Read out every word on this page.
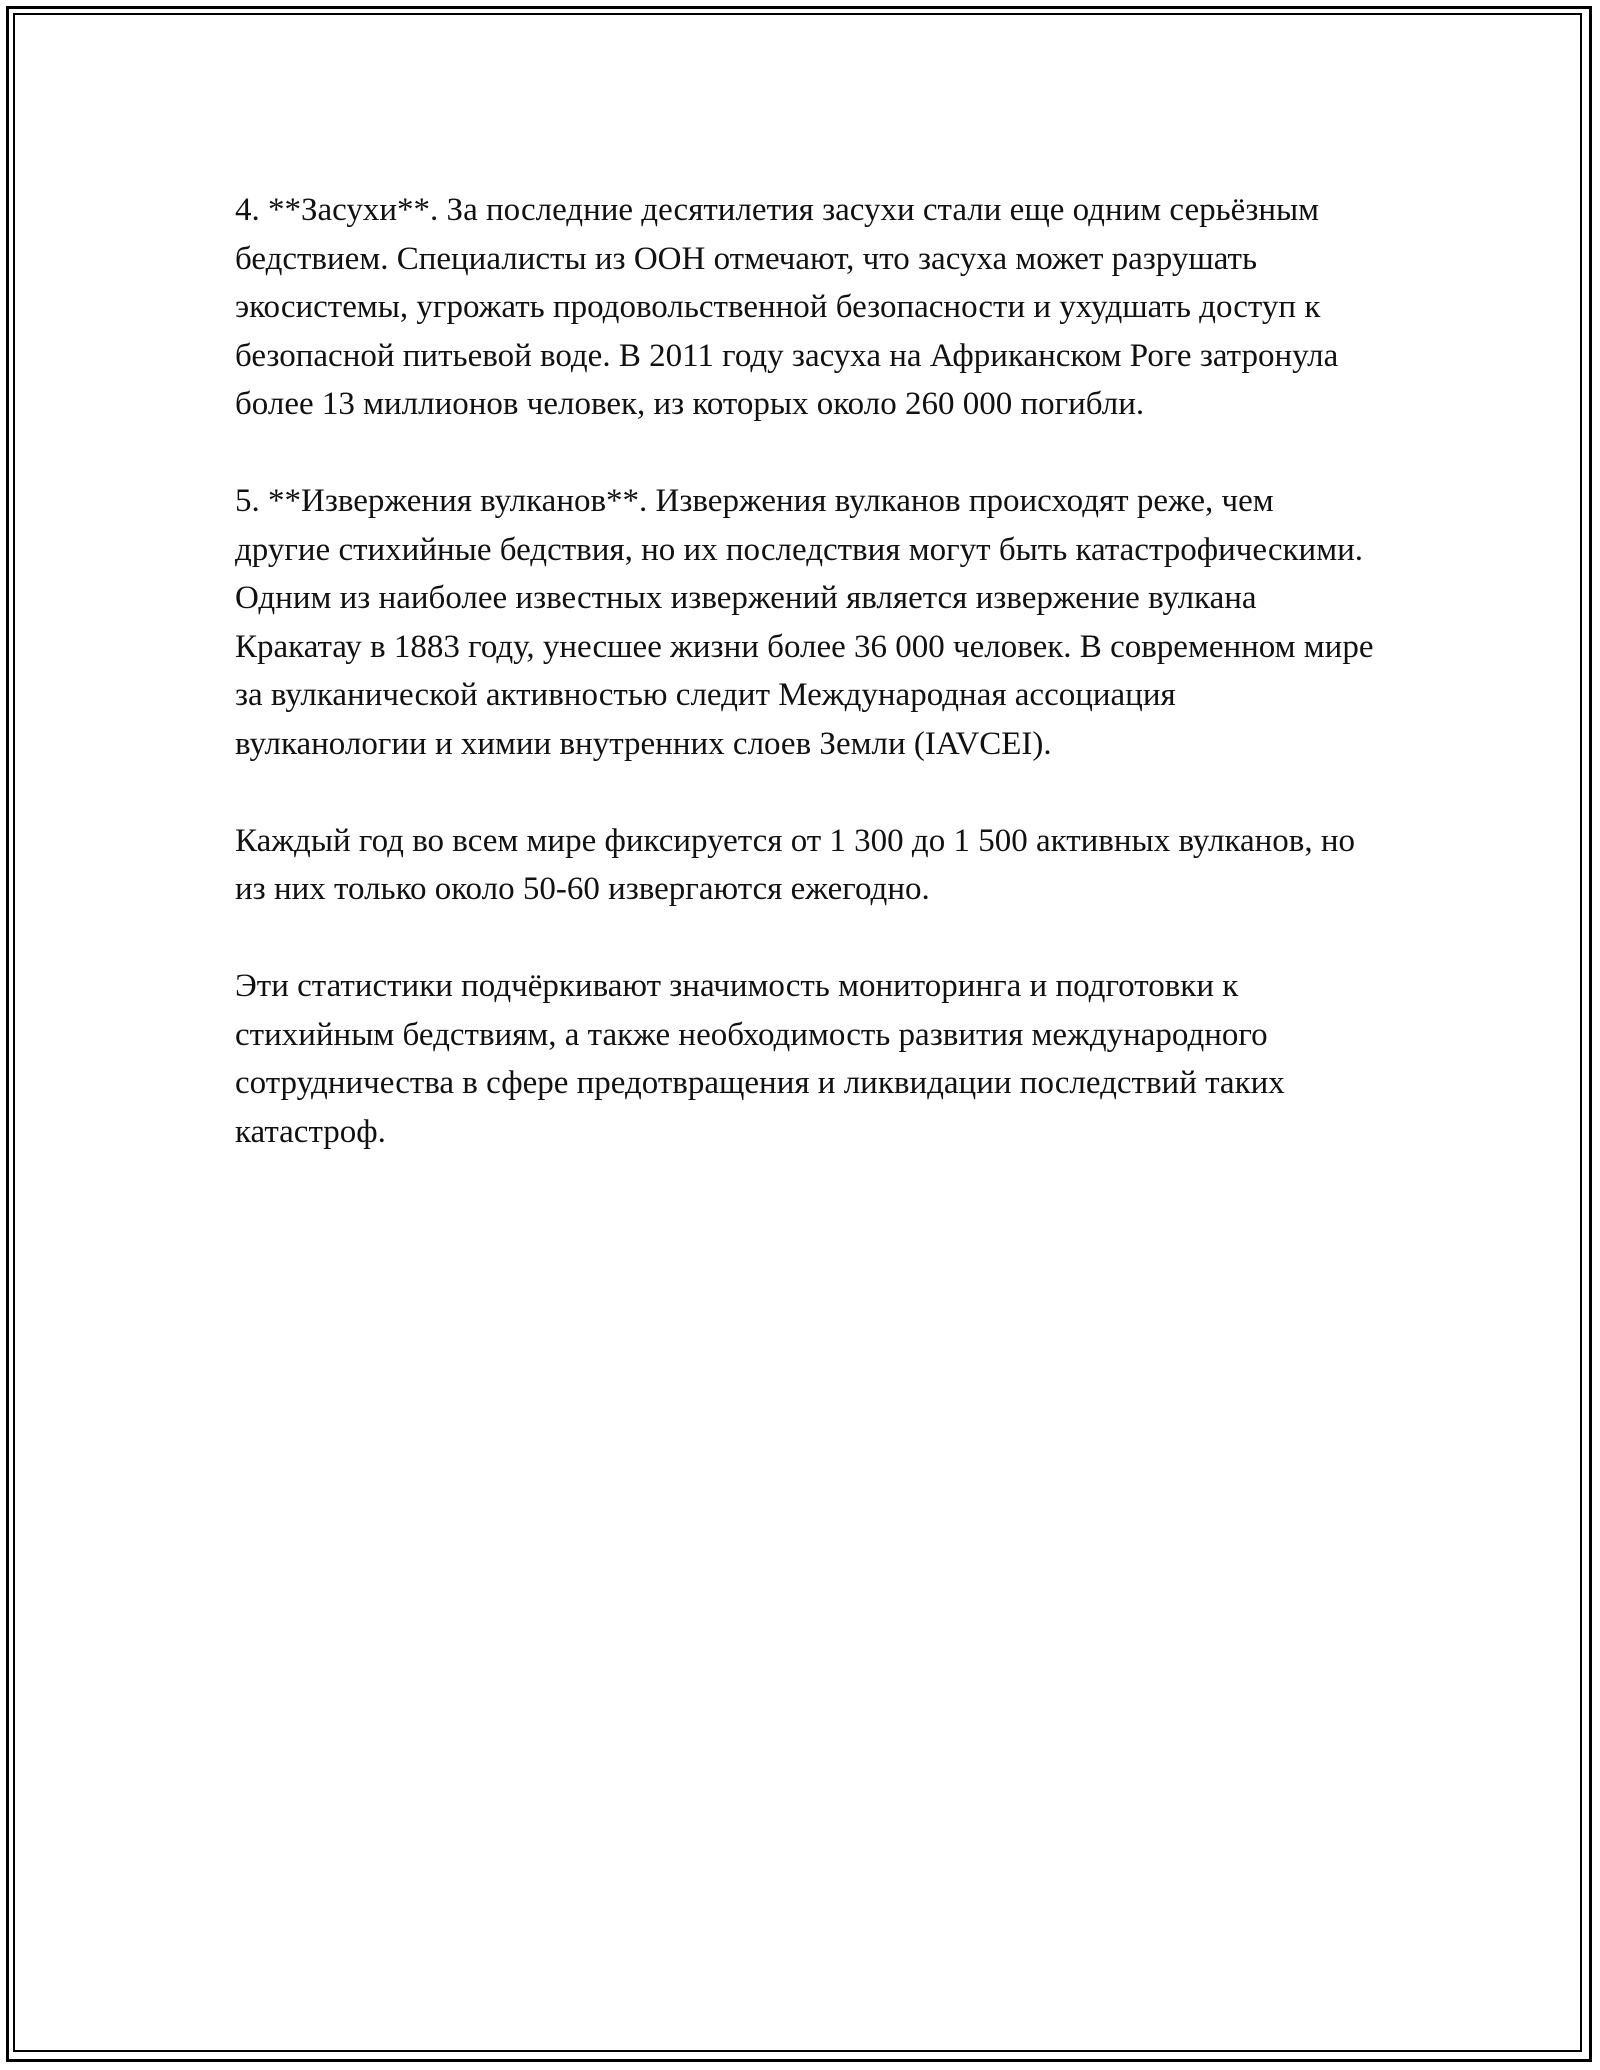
4. **Засухи**. За последние десятилетия засухи стали еще одним серьёзным бедствием. Специалисты из ООН отмечают, что засуха может разрушать экосистемы, угрожать продовольственной безопасности и ухудшать доступ к безопасной питьевой воде. В 2011 году засуха на Африканском Роге затронула более 13 миллионов человек, из которых около 260 000 погибли.

5. **Извержения вулканов**. Извержения вулканов происходят реже, чем другие стихийные бедствия, но их последствия могут быть катастрофическими. Одним из наиболее известных извержений является извержение вулкана Кракатау в 1883 году, унесшее жизни более 36 000 человек. В современном мире за вулканической активностью следит Международная ассоциация вулканологии и химии внутренних слоев Земли (IAVCEI).

Каждый год во всем мире фиксируется от 1 300 до 1 500 активных вулканов, но из них только около 50-60 извергаются ежегодно.

Эти статистики подчёркивают значимость мониторинга и подготовки к стихийным бедствиям, а также необходимость развития международного сотрудничества в сфере предотвращения и ликвидации последствий таких катастроф.
